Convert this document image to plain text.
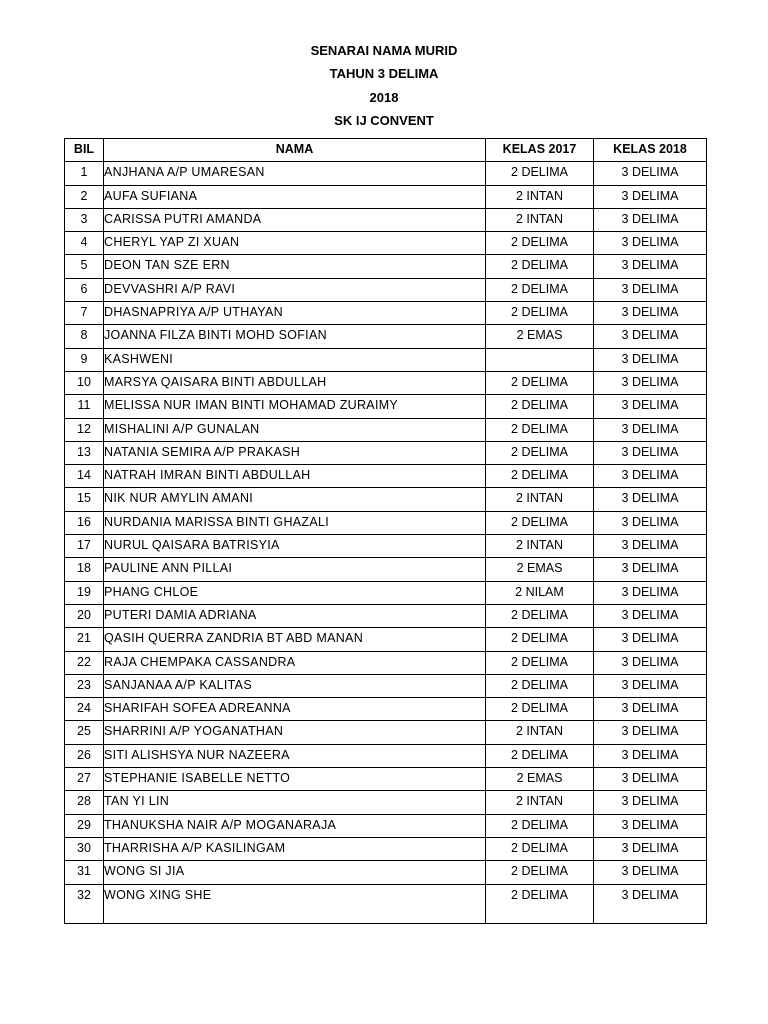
SENARAI NAMA MURID
TAHUN 3 DELIMA
2018
SK IJ CONVENT
BIL	NAMA	KELAS 2017	KELAS 2018
1	ANJHANA A/P UMARESAN	2 DELIMA	3 DELIMA
2	AUFA SUFIANA	2 INTAN	3 DELIMA
3	CARISSA PUTRI AMANDA	2 INTAN	3 DELIMA
4	CHERYL YAP ZI XUAN	2 DELIMA	3 DELIMA
5	DEON TAN SZE ERN	2 DELIMA	3 DELIMA
6	DEVVASHRI A/P RAVI	2 DELIMA	3 DELIMA
7	DHASNAPRIYA A/P UTHAYAN	2 DELIMA	3 DELIMA
8	JOANNA FILZA BINTI MOHD SOFIAN	2 EMAS	3 DELIMA
9	KASHWENI		3 DELIMA
10	MARSYA QAISARA BINTI ABDULLAH	2 DELIMA	3 DELIMA
11	MELISSA NUR IMAN BINTI MOHAMAD ZURAIMY	2 DELIMA	3 DELIMA
12	MISHALINI A/P GUNALAN	2 DELIMA	3 DELIMA
13	NATANIA SEMIRA A/P PRAKASH	2 DELIMA	3 DELIMA
14	NATRAH IMRAN BINTI ABDULLAH	2 DELIMA	3 DELIMA
15	NIK NUR AMYLIN AMANI	2 INTAN	3 DELIMA
16	NURDANIA MARISSA BINTI GHAZALI	2 DELIMA	3 DELIMA
17	NURUL QAISARA BATRISYIA	2 INTAN	3 DELIMA
18	PAULINE ANN PILLAI	2 EMAS	3 DELIMA
19	PHANG CHLOE	2 NILAM	3 DELIMA
20	PUTERI DAMIA ADRIANA	2 DELIMA	3 DELIMA
21	QASIH QUERRA ZANDRIA BT ABD MANAN	2 DELIMA	3 DELIMA
22	RAJA CHEMPAKA CASSANDRA	2 DELIMA	3 DELIMA
23	SANJANAA A/P KALITAS	2 DELIMA	3 DELIMA
24	SHARIFAH SOFEA ADREANNA	2 DELIMA	3 DELIMA
25	SHARRINI A/P YOGANATHAN	2 INTAN	3 DELIMA
26	SITI ALISHSYA NUR NAZEERA	2 DELIMA	3 DELIMA
27	STEPHANIE ISABELLE NETTO	2 EMAS	3 DELIMA
28	TAN YI LIN	2 INTAN	3 DELIMA
29	THANUKSHA NAIR A/P MOGANARAJA	2 DELIMA	3 DELIMA
30	THARRISHA A/P KASILINGAM	2 DELIMA	3 DELIMA
31	WONG SI JIA	2 DELIMA	3 DELIMA
32	WONG XING SHE	2 DELIMA	3 DELIMA
